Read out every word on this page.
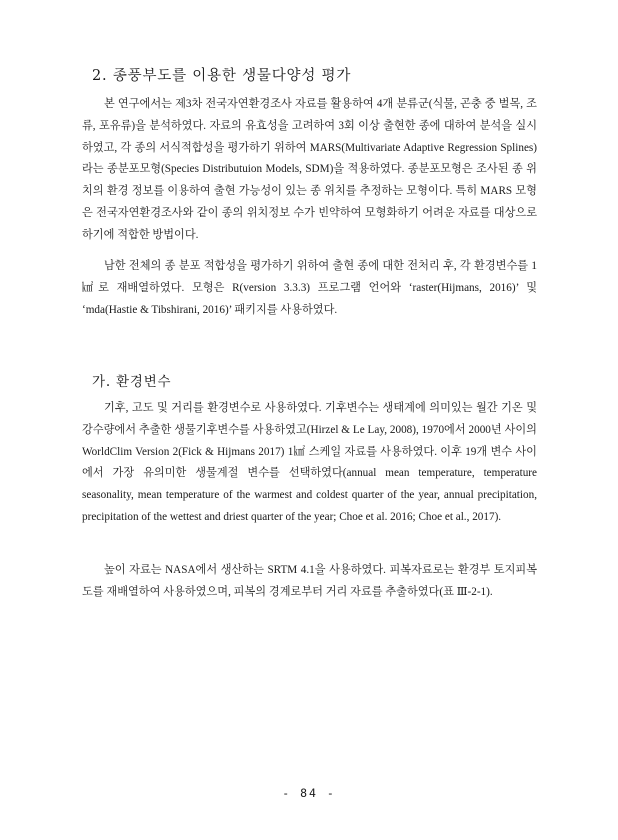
2. 종풍부도를 이용한 생물다양성 평가

본 연구에서는 제3차 전국자연환경조사 자료를 활용하여 4개 분류군(식물, 곤충 중 벌목, 조류, 포유류)을 분석하였다. 자료의 유효성을 고려하여 3회 이상 출현한 종에 대하여 분석을 실시하였고, 각 종의 서식적합성을 평가하기 위하여 MARS(Multivariate Adaptive Regression Splines)라는 종분포모형(Species Distributuion Models, SDM)을 적용하였다. 종분포모형은 조사된 종 위치의 환경 정보를 이용하여 출현 가능성이 있는 종 위치를 추정하는 모형이다. 특히 MARS 모형은 전국자연환경조사와 같이 종의 위치정보 수가 빈약하여 모형화하기 어려운 자료를 대상으로 하기에 적합한 방법이다.

남한 전체의 종 분포 적합성을 평가하기 위하여 출현 종에 대한 전처리 후, 각 환경변수를 1㎢로 재배열하였다. 모형은 R(version 3.3.3) 프로그램 언어와 ‘raster(Hijmans, 2016)’ 및 ‘mda(Hastie & Tibshirani, 2016)’ 패키지를 사용하였다.

가. 환경변수

기후, 고도 및 거리를 환경변수로 사용하였다. 기후변수는 생태계에 의미있는 월간 기온 및 강수량에서 추출한 생물기후변수를 사용하였고(Hirzel & Le Lay, 2008), 1970에서 2000년 사이의 WorldClim Version 2(Fick & Hijmans 2017) 1㎢ 스케일 자료를 사용하였다. 이후 19개 변수 사이에서 가장 유의미한 생물계절 변수를 선택하였다(annual mean temperature, temperature seasonality, mean temperature of the warmest and coldest quarter of the year, annual precipitation, precipitation of the wettest and driest quarter of the year; Choe et al. 2016; Choe et al., 2017).

높이 자료는 NASA에서 생산하는 SRTM 4.1을 사용하였다. 피복자료로는 환경부 토지피복도를 재배열하여 사용하였으며, 피복의 경계로부터 거리 자료를 추출하였다(표 Ⅲ-2-1).

- 84 -
